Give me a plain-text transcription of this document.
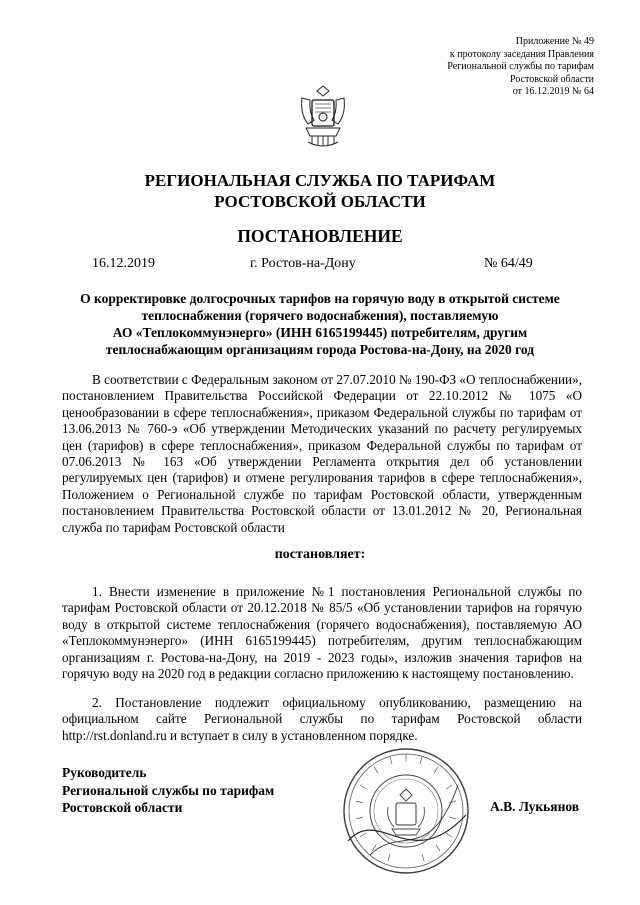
Приложение № 49
к протоколу заседания Правления
Региональной службы по тарифам
Ростовской области
от 16.12.2019 № 64
РЕГИОНАЛЬНАЯ СЛУЖБА ПО ТАРИФАМ
РОСТОВСКОЙ ОБЛАСТИ
ПОСТАНОВЛЕНИЕ
16.12.2019	г. Ростов-на-Дону	№ 64/49
О корректировке долгосрочных тарифов на горячую воду в открытой системе
теплоснабжения (горячего водоснабжения), поставляемую
АО «Теплокоммунэнерго» (ИНН 6165199445) потребителям, другим
теплоснабжающим организациям города Ростова-на-Дону, на 2020 год
В соответствии с Федеральным законом от 27.07.2010 № 190-ФЗ «О теплоснабжении», постановлением Правительства Российской Федерации от 22.10.2012 № 1075 «О ценообразовании в сфере теплоснабжения», приказом Федеральной службы по тарифам от 13.06.2013 № 760-э «Об утверждении Методических указаний по расчету регулируемых цен (тарифов) в сфере теплоснабжения», приказом Федеральной службы по тарифам от 07.06.2013 № 163 «Об утверждении Регламента открытия дел об установлении регулируемых цен (тарифов) и отмене регулирования тарифов в сфере теплоснабжения», Положением о Региональной службе по тарифам Ростовской области, утвержденным постановлением Правительства Ростовской области от 13.01.2012 № 20, Региональная служба по тарифам Ростовской области
постановляет:
1. Внести изменение в приложение №1 постановления Региональной службы по тарифам Ростовской области от 20.12.2018 № 85/5 «Об установлении тарифов на горячую воду в открытой системе теплоснабжения (горячего водоснабжения), поставляемую АО «Теплокоммунэнерго» (ИНН 6165199445) потребителям, другим теплоснабжающим организациям г. Ростова-на-Дону, на 2019 - 2023 годы», изложив значения тарифов на горячую воду на 2020 год в редакции согласно приложению к настоящему постановлению.
2. Постановление подлежит официальному опубликованию, размещению на официальном сайте Региональной службы по тарифам Ростовской области http://rst.donland.ru и вступает в силу в установленном порядке.
Руководитель
Региональной службы по тарифам
Ростовской области	А.В. Лукьянов
